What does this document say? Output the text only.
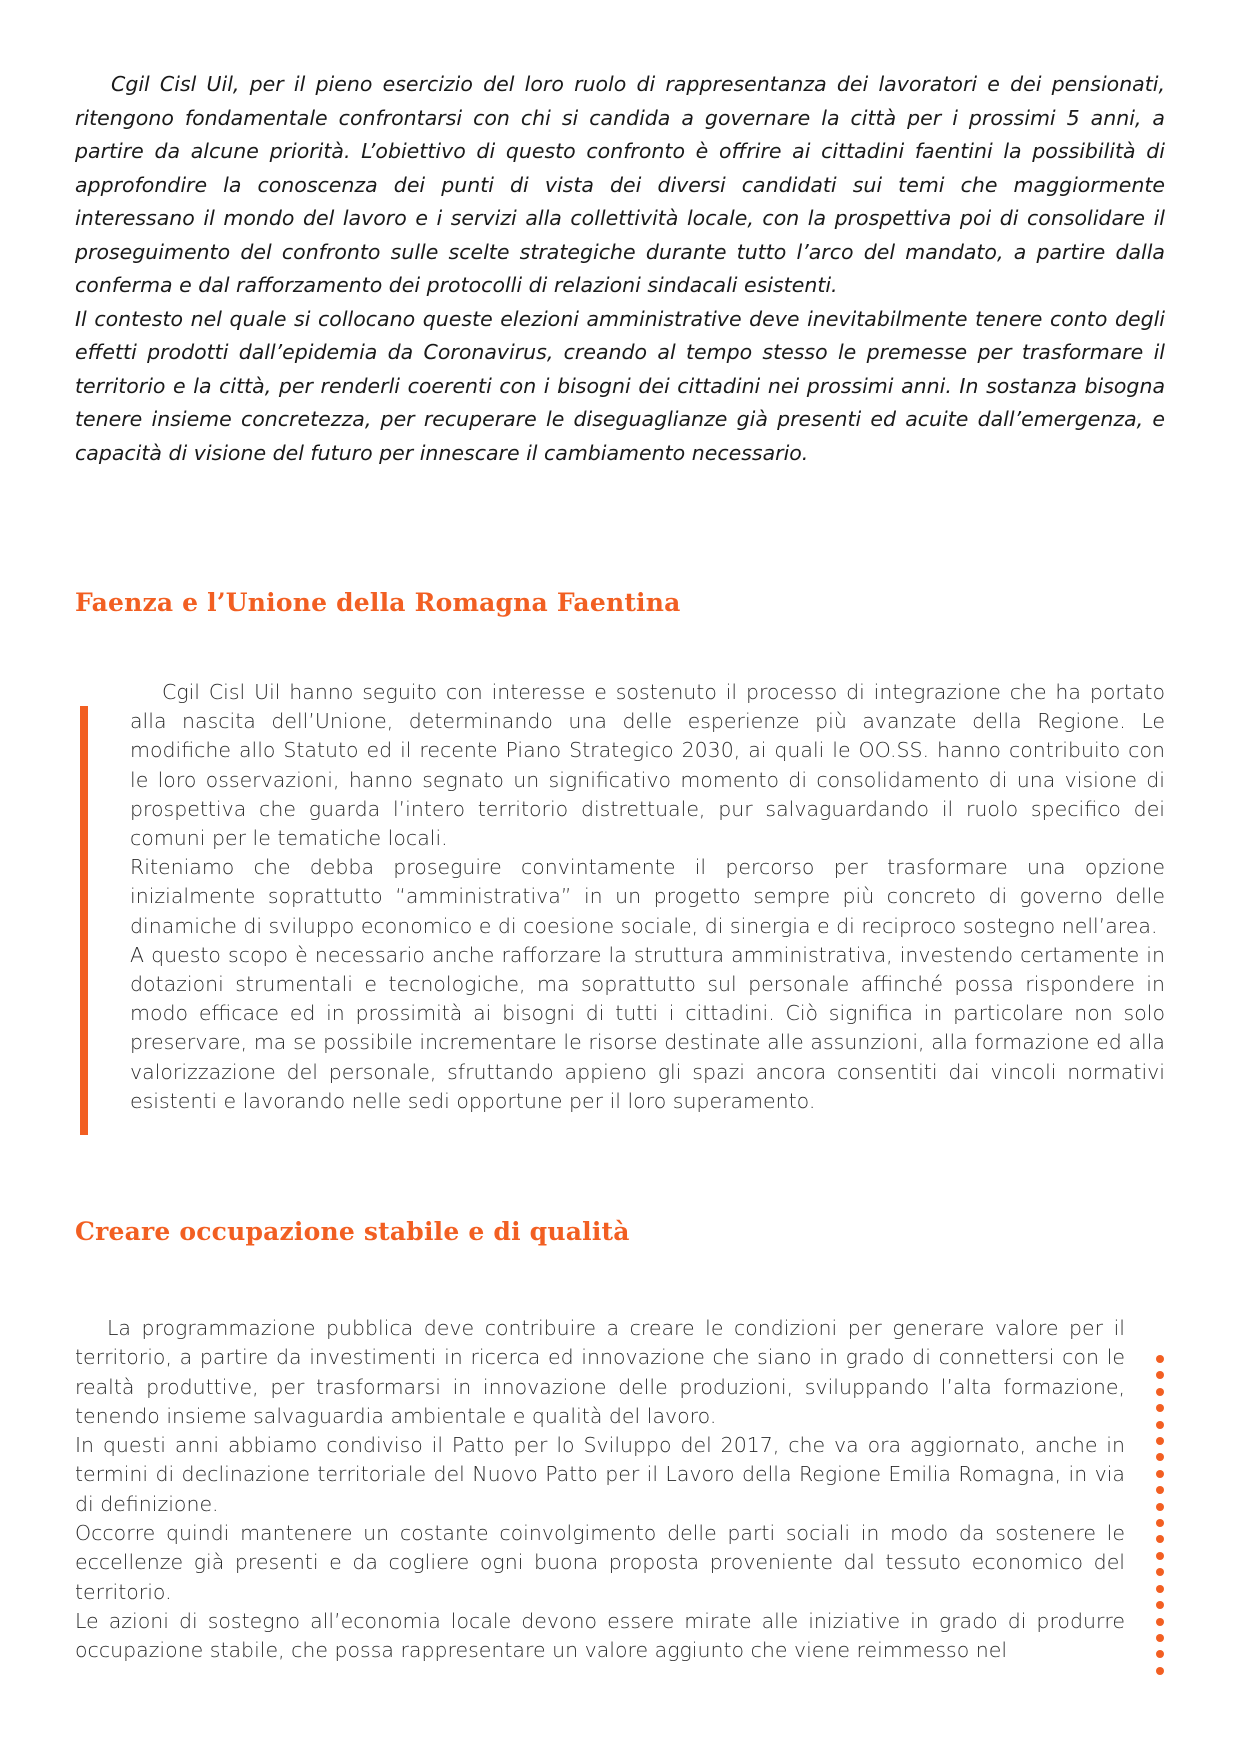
Cgil Cisl Uil, per il pieno esercizio del loro ruolo di rappresentanza dei lavoratori e dei pensionati, ritengono fondamentale confrontarsi con chi si candida a governare la città per i prossimi 5 anni, a partire da alcune priorità. L’obiettivo di questo confronto è offrire ai cittadini faentini la possibilità di approfondire la conoscenza dei punti di vista dei diversi candidati sui temi che maggiormente interessano il mondo del lavoro e i servizi alla collettività locale, con la prospettiva poi di consolidare il proseguimento del confronto sulle scelte strategiche durante tutto l’arco del mandato, a partire dalla conferma e dal rafforzamento dei protocolli di relazioni sindacali esistenti.

Il contesto nel quale si collocano queste elezioni amministrative deve inevitabilmente tenere conto degli effetti prodotti dall’epidemia da Coronavirus, creando al tempo stesso le premesse per trasformare il territorio e la città, per renderli coerenti con i bisogni dei cittadini nei prossimi anni. In sostanza bisogna tenere insieme concretezza, per recuperare le diseguaglianze già presenti ed acuite dall’emergenza, e capacità di visione del futuro per innescare il cambiamento necessario.

Faenza e l’Unione della Romagna Faentina

Cgil Cisl Uil hanno seguito con interesse e sostenuto il processo di integrazione che ha portato alla nascita dell’Unione, determinando una delle esperienze più avanzate della Regione. Le modifiche allo Statuto ed il recente Piano Strategico 2030, ai quali le OO.SS. hanno contribuito con le loro osservazioni, hanno segnato un significativo momento di consolidamento di una visione di prospettiva che guarda l’intero territorio distrettuale, pur salvaguardando il ruolo specifico dei comuni per le tematiche locali.

Riteniamo che debba proseguire convintamente il percorso per trasformare una opzione inizialmente soprattutto “amministrativa” in un progetto sempre più concreto di governo delle dinamiche di sviluppo economico e di coesione sociale, di sinergia e di reciproco sostegno nell’area.

A questo scopo è necessario anche rafforzare la struttura amministrativa, investendo certamente in dotazioni strumentali e tecnologiche, ma soprattutto sul personale affinché possa rispondere in modo efficace ed in prossimità ai bisogni di tutti i cittadini. Ciò significa in particolare non solo preservare, ma se possibile incrementare le risorse destinate alle assunzioni, alla formazione ed alla valorizzazione del personale, sfruttando appieno gli spazi ancora consentiti dai vincoli normativi esistenti e lavorando nelle sedi opportune per il loro superamento.

Creare occupazione stabile e di qualità

La programmazione pubblica deve contribuire a creare le condizioni per generare valore per il territorio, a partire da investimenti in ricerca ed innovazione che siano in grado di connettersi con le realtà produttive, per trasformarsi in innovazione delle produzioni, sviluppando l’alta formazione, tenendo insieme salvaguardia ambientale e qualità del lavoro.

In questi anni abbiamo condiviso il Patto per lo Sviluppo del 2017, che va ora aggiornato, anche in termini di declinazione territoriale del Nuovo Patto per il Lavoro della Regione Emilia Romagna, in via di definizione.

Occorre quindi mantenere un costante coinvolgimento delle parti sociali in modo da sostenere le eccellenze già presenti e da cogliere ogni buona proposta proveniente dal tessuto economico del territorio.

Le azioni di sostegno all’economia locale devono essere mirate alle iniziative in grado di produrre occupazione stabile, che possa rappresentare un valore aggiunto che viene reimmesso nel
